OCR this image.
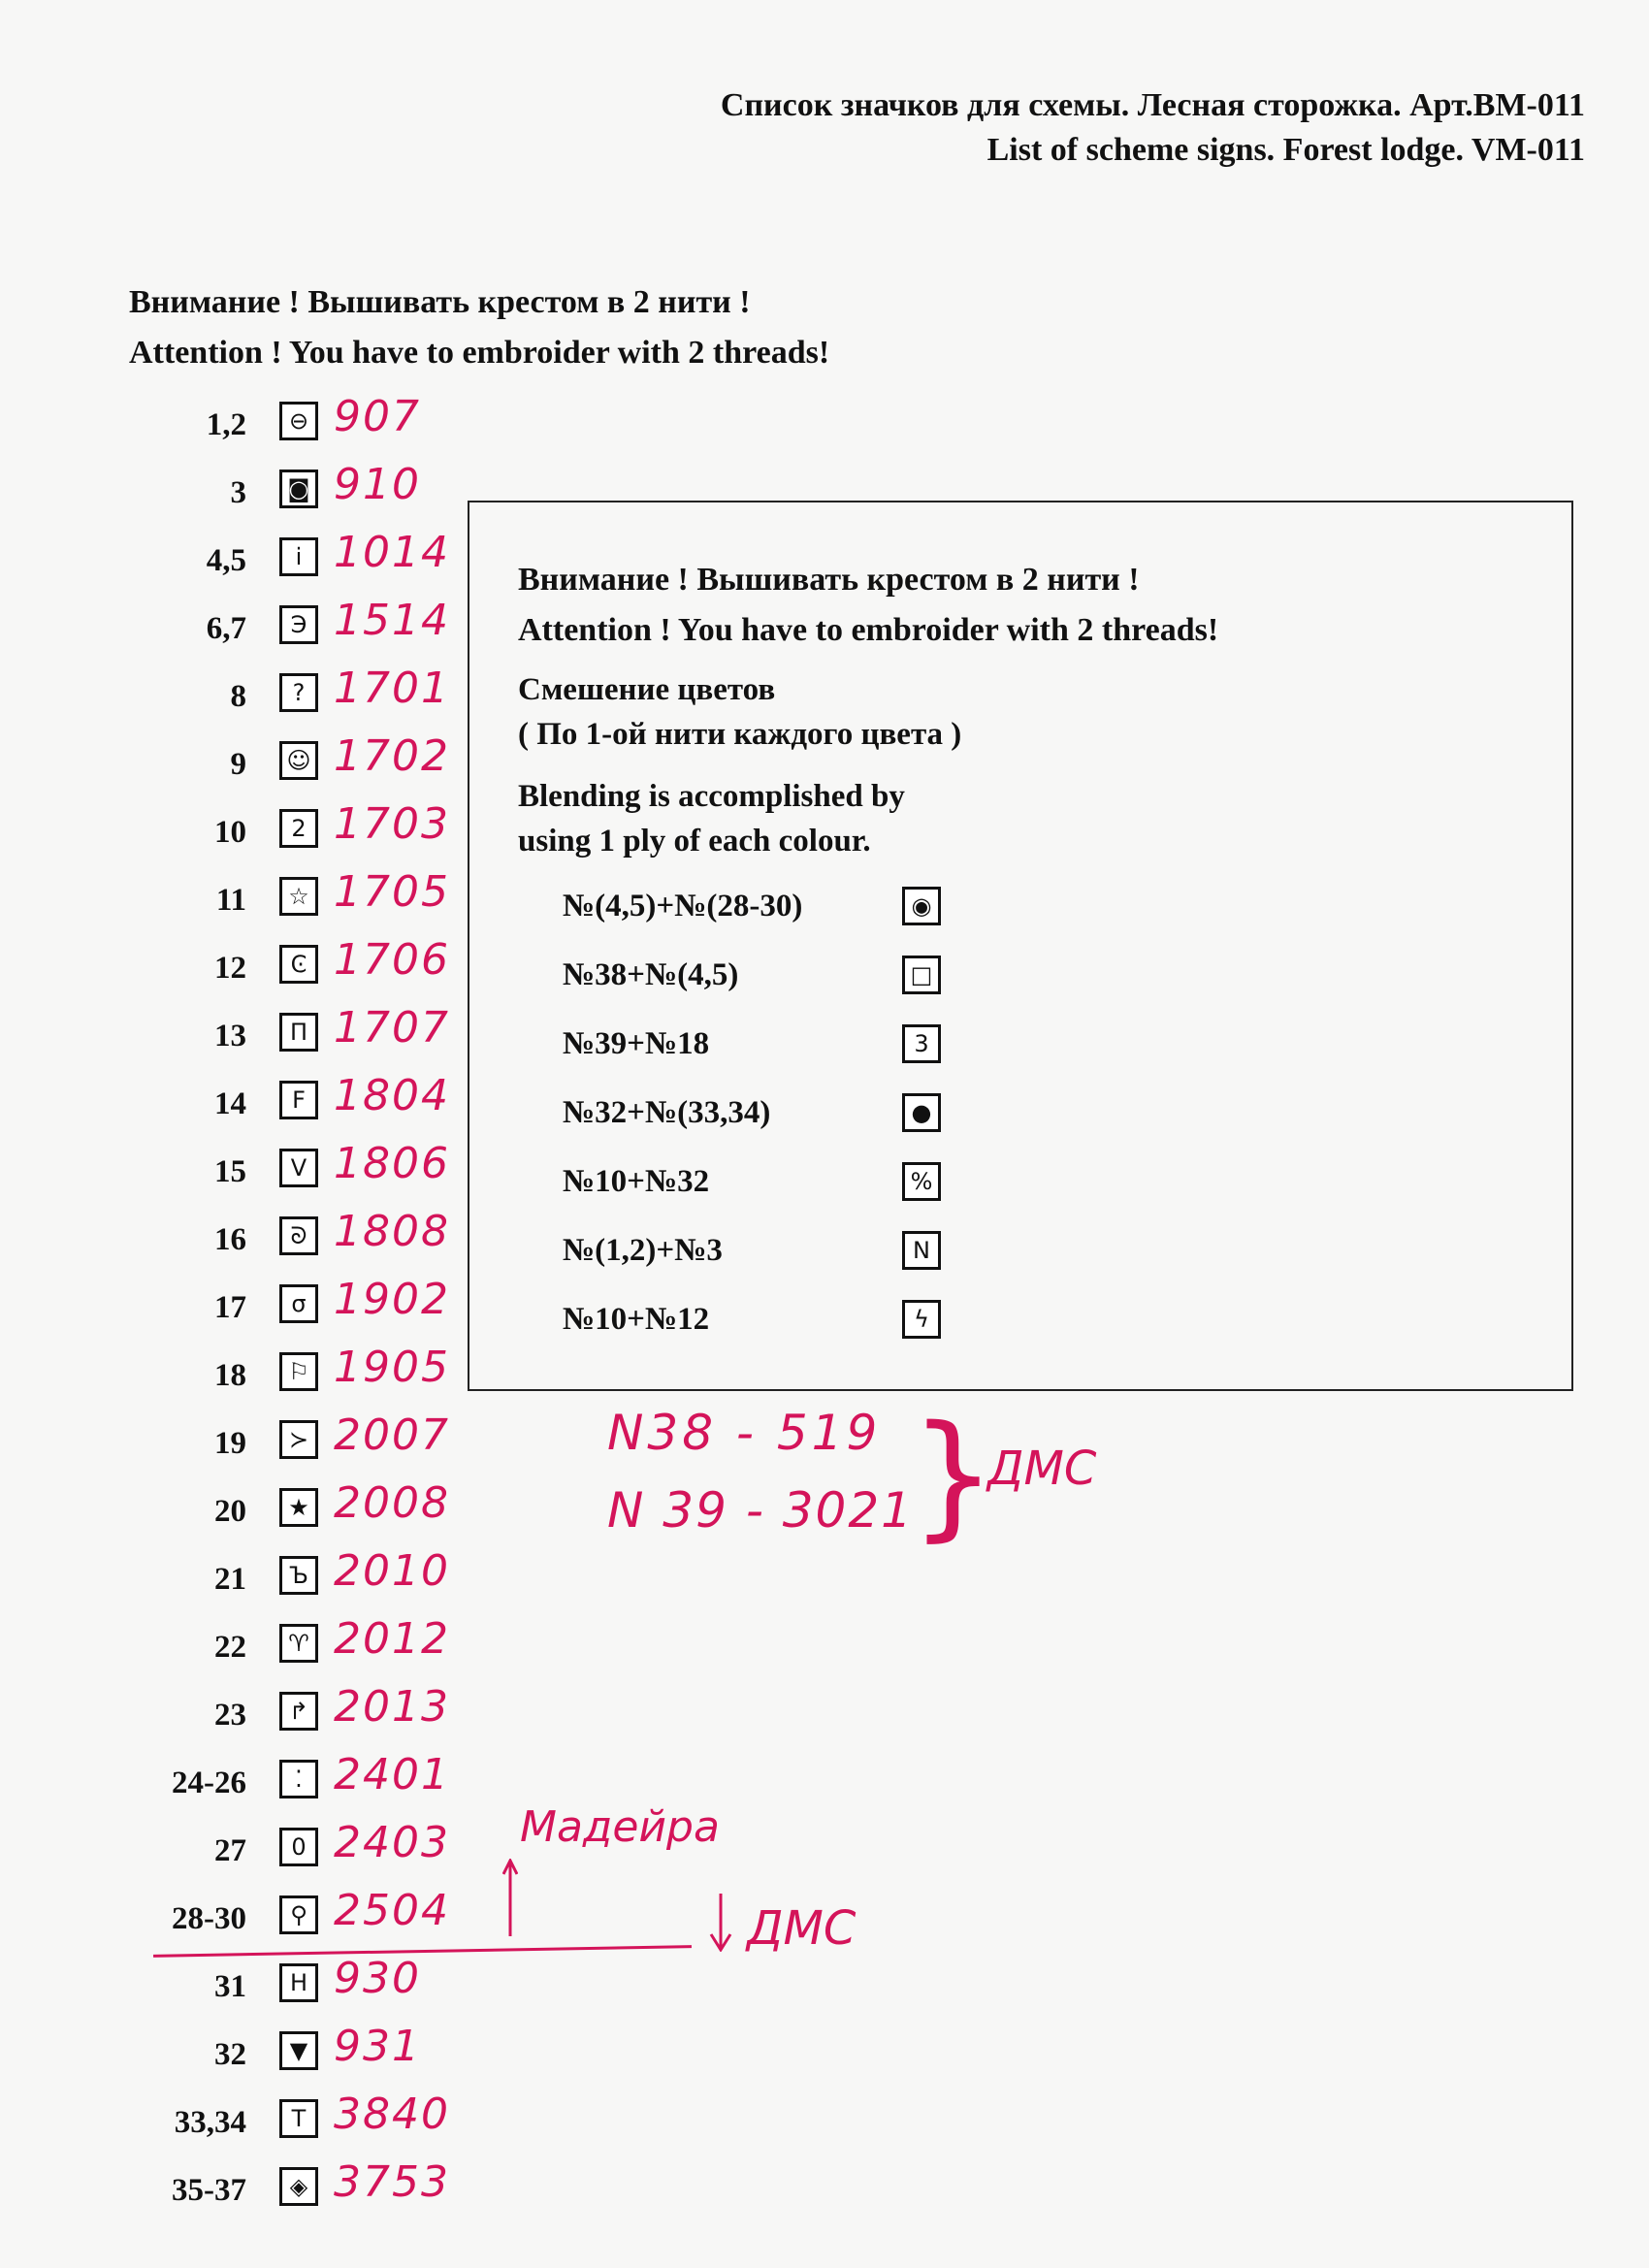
Список значков для схемы. Лесная сторожка. Арт.ВМ-011
List of scheme signs. Forest lodge. VM-011
Внимание ! Вышивать крестом в 2 нити !
Attention ! You have to embroider with 2 threads!
1,2	⊖ 907
3	◙ 910
4,5	і 1014
6,7	Э 1514
8	? 1701
9	☺ 1702
10	2 1703
11	☆ 1705
12	Ͼ 1706
13	П 1707
14	F 1804
15	V 1806
16	ᘐ 1808
17	σ 1902
18	⚐ 1905
19	≻ 2007
20	★ 2008
21	Ъ 2010
22	♈ 2012
23	↱ 2013
24-26	⁚ 2401
27	0 2403
28-30	⚲ 2504
31	H 930
32	▼ 931
33,34	T 3840
35-37	◈ 3753
Внимание ! Вышивать крестом в 2 нити !
Attention ! You have to embroider with 2 threads!
Смешение цветов
( По 1-ой нити каждого цвета )
Blending is accomplished by
using 1 ply of each colour.
№(4,5)+№(28-30)	◉
№38+№(4,5)	□
№39+№18	3
№32+№(33,34)	●
№10+№32	%
№(1,2)+№3	N
№10+№12	ϟ
N38 - 519
N 39 - 3021
}
ДМС
Мадейра
ДМС
